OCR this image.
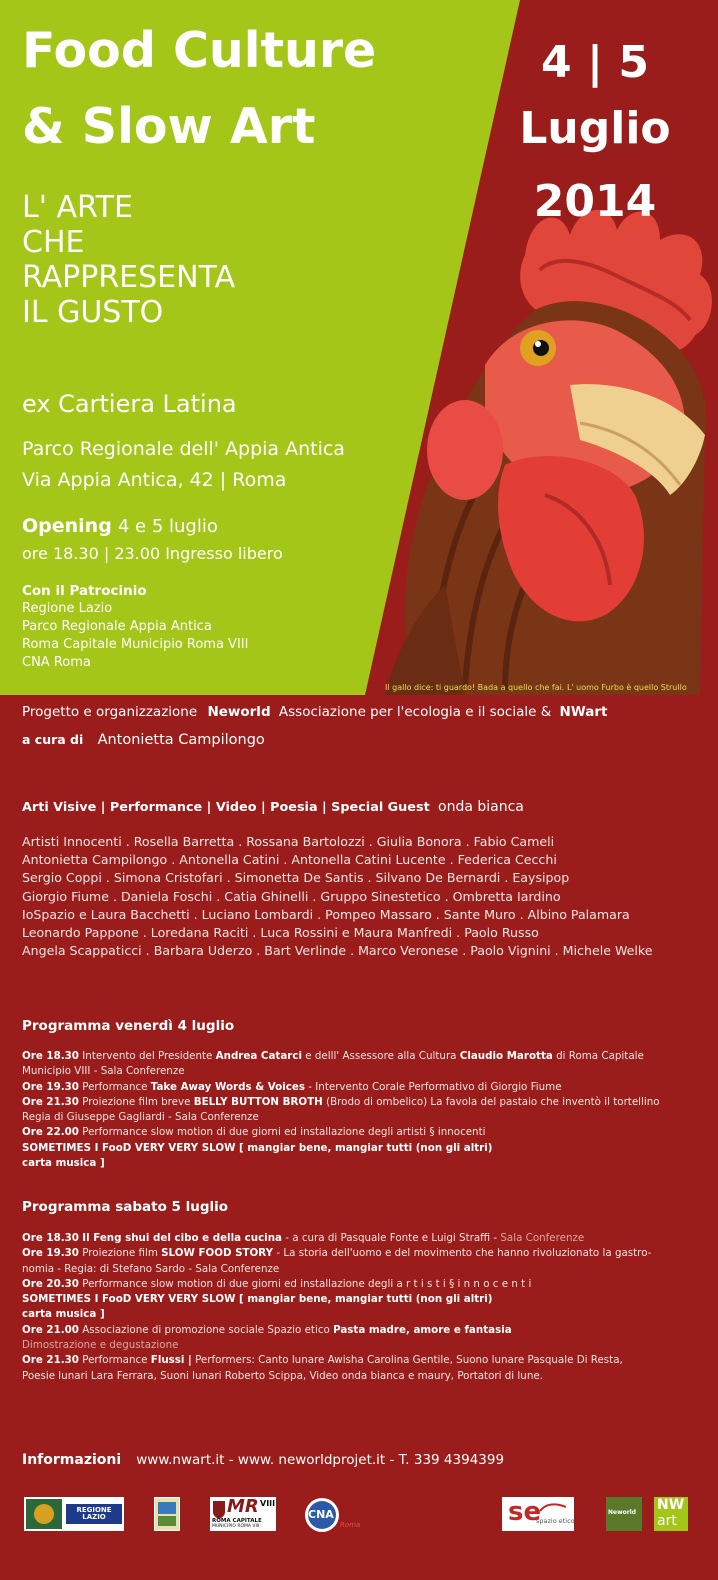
Food Culture
& Slow Art
4 | 5
Luglio
2014
L' ARTE
CHE
RAPPRESENTA
IL GUSTO
ex Cartiera Latina
Parco Regionale dell' Appia Antica
Via Appia Antica, 42 | Roma
Opening 4 e 5 luglio
ore 18.30 | 23.00 Ingresso libero
Con il Patrocinio
Regione Lazio
Parco Regionale Appia Antica
Roma Capitale Municipio Roma VIII
CNA Roma
Il gallo dice: ti guardo! Bada a quello che fai. L' uomo Furbo è quello Strullo
Progetto e organizzazione Neworld Associazione per l'ecologia e il sociale & NWart
a cura di Antonietta Campilongo
Arti Visive | Performance | Video | Poesia | Special Guest onda bianca
Artisti Innocenti . Rosella Barretta . Rossana Bartolozzi . Giulia Bonora . Fabio Cameli
Antonietta Campilongo . Antonella Catini . Antonella Catini Lucente . Federica Cecchi
Sergio Coppi . Simona Cristofari . Simonetta De Santis . Silvano De Bernardi . Eaysipop
Giorgio Fiume . Daniela Foschi . Catia Ghinelli . Gruppo Sinestetico . Ombretta Iardino
IoSpazio e Laura Bacchetti . Luciano Lombardi . Pompeo Massaro . Sante Muro . Albino Palamara
Leonardo Pappone . Loredana Raciti . Luca Rossini e Maura Manfredi . Paolo Russo
Angela Scappaticci . Barbara Uderzo . Bart Verlinde . Marco Veronese . Paolo Vignini . Michele Welke
Programma venerdì 4 luglio
Ore 18.30 Intervento del Presidente Andrea Catarci e delll' Assessore alla Cultura Claudio Marotta di Roma Capitale
Municipio VIII - Sala Conferenze
Ore 19.30 Performance Take Away Words & Voices - Intervento Corale Performativo di Giorgio Fiume
Ore 21.30 Proiezione film breve BELLY BUTTON BROTH (Brodo di ombelico) La favola del pastaio che inventò il tortellino
Regia di Giuseppe Gagliardi - Sala Conferenze
Ore 22.00 Performance slow motion di due giorni ed installazione degli artisti § innocenti
SOMETIMES I FooD VERY VERY SLOW [ mangiar bene, mangiar tutti (non gli altri)
carta musica ]
Programma sabato 5 luglio
Ore 18.30 Il Feng shui del cibo e della cucina - a cura di Pasquale Fonte e Luigi Straffi - Sala Conferenze
Ore 19.30 Proiezione film SLOW FOOD STORY - La storia dell'uomo e del movimento che hanno rivoluzionato la gastro-
nomia - Regia: di Stefano Sardo - Sala Conferenze
Ore 20.30 Performance slow motion di due giorni ed installazione degli a r t i s t i § i n n o c e n t i
SOMETIMES I FooD VERY VERY SLOW [ mangiar bene, mangiar tutti (non gli altri)
carta musica ]
Ore 21.00 Associazione di promozione sociale Spazio etico Pasta madre, amore e fantasia
Dimostrazione e degustazione
Ore 21.30 Performance Flussi | Performers: Canto lunare Awisha Carolina Gentile, Suono lunare Pasquale Di Resta,
Poesie lunari Lara Ferrara, Suoni lunari Roberto Scippa, Video onda bianca e maury, Portatori di lune.
Informazioni www.nwart.it - www. neworldprojet.it - T. 339 4394399
REGIONE LAZIO	MR VIII
ROMA CAPITALE
MUNICIPIO ROMA VIII
CNA
Roma	se
spazio etico
Neworld NW
art
